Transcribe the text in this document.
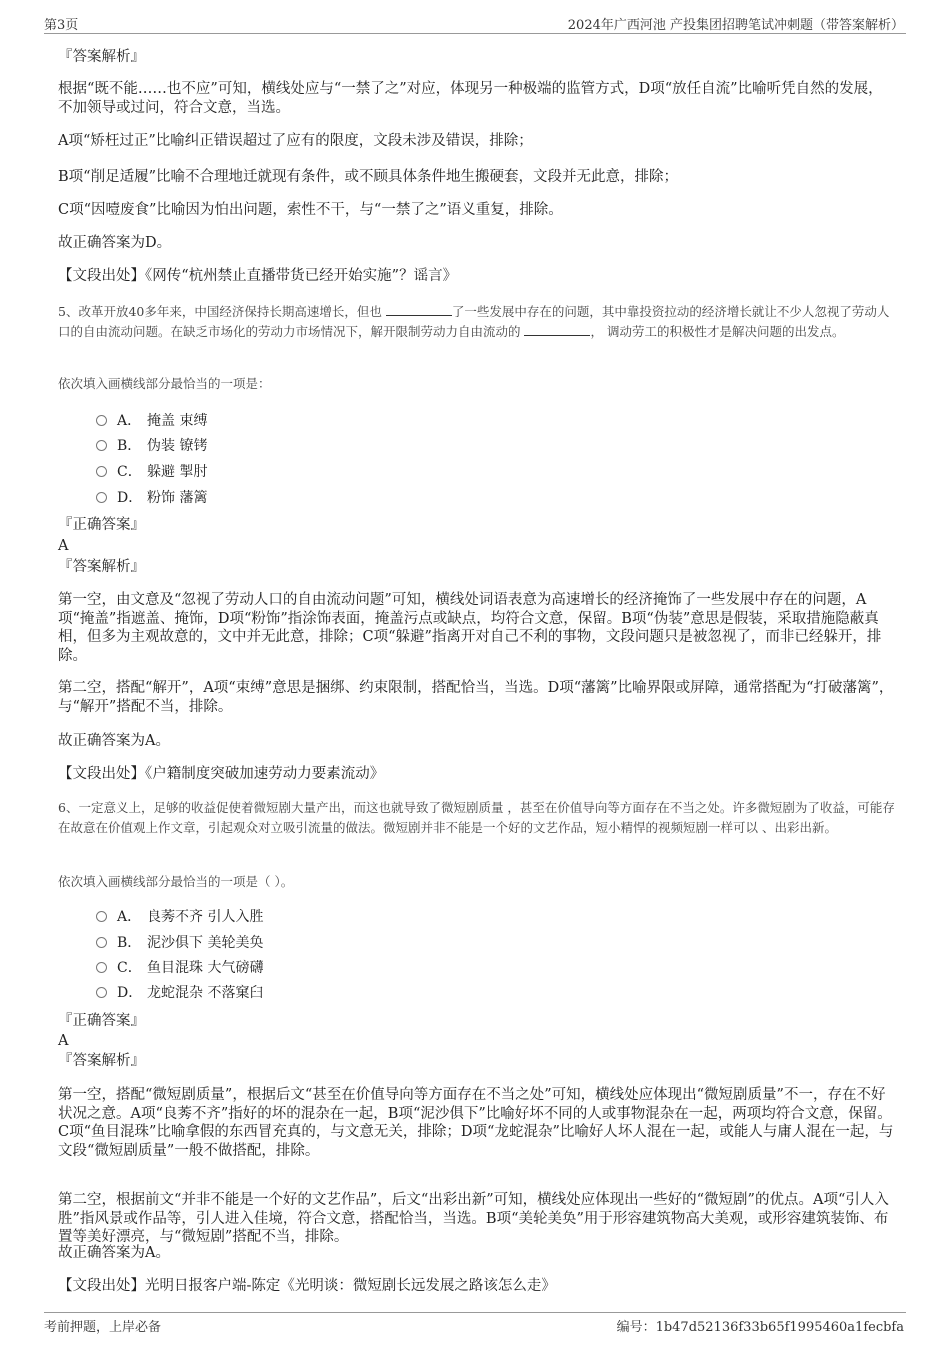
第3页	2024年广西河池 产投集团招聘笔试冲刺题（带答案解析）
『答案解析』
根据“既不能……也不应”可知，横线处应与“一禁了之”对应，体现另一种极端的监管方式，D项“放任自流”比喻听凭自然的发展，不加领导或过问，符合文意，当选。
A项“矫枉过正”比喻纠正错误超过了应有的限度，文段未涉及错误，排除；
B项“削足适履”比喻不合理地迁就现有条件，或不顾具体条件地生搬硬套，文段并无此意，排除；
C项“因噎废食”比喻因为怕出问题，索性不干，与“一禁了之”语义重复，排除。
故正确答案为D。
【文段出处】《网传“杭州禁止直播带货已经开始实施”？谣言》
5、改革开放40多年来，中国经济保持长期高速增长，但也	了一些发展中存在的问题，其中靠投资拉动的经济增长就让不少人忽视了劳动人口的自由流动问题。在缺乏市场化的劳动力市场情况下，解开限制劳动力自由流动的	， 调动劳工的积极性才是解决问题的出发点。
依次填入画横线部分最恰当的一项是：
A． 掩盖 束缚
B． 伪装 镣铐
C． 躲避 掣肘
D． 粉饰 藩篱
『正确答案』
A
『答案解析』
第一空，由文意及“忽视了劳动人口的自由流动问题”可知，横线处词语表意为高速增长的经济掩饰了一些发展中存在的问题，A项“掩盖”指遮盖、掩饰，D项“粉饰”指涂饰表面，掩盖污点或缺点，均符合文意，保留。B项“伪装”意思是假装，采取措施隐蔽真相，但多为主观故意的，文中并无此意，排除；C项“躲避”指离开对自己不利的事物，文段问题只是被忽视了，而非已经躲开，排除。
第二空，搭配“解开”，A项“束缚”意思是捆绑、约束限制，搭配恰当，当选。D项“藩篱”比喻界限或屏障，通常搭配为“打破藩篱”，与“解开”搭配不当，排除。
故正确答案为A。
【文段出处】《户籍制度突破加速劳动力要素流动》
6、一定意义上，足够的收益促使着微短剧大量产出，而这也就导致了微短剧质量 ，甚至在价值导向等方面存在不当之处。许多微短剧为了收益，可能存在故意在价值观上作文章，引起观众对立吸引流量的做法。微短剧并非不能是一个好的文艺作品，短小精悍的视频短剧一样可以 、出彩出新。
依次填入画横线部分最恰当的一项是（ ）。
A． 良莠不齐 引人入胜
B． 泥沙俱下 美轮美奂
C． 鱼目混珠 大气磅礴
D． 龙蛇混杂 不落窠臼
『正确答案』
A
『答案解析』
第一空，搭配“微短剧质量”，根据后文“甚至在价值导向等方面存在不当之处”可知，横线处应体现出“微短剧质量”不一，存在不好状况之意。A项“良莠不齐”指好的坏的混杂在一起，B项“泥沙俱下”比喻好坏不同的人或事物混杂在一起，两项均符合文意，保留。C项“鱼目混珠”比喻拿假的东西冒充真的，与文意无关，排除；D项“龙蛇混杂”比喻好人坏人混在一起，或能人与庸人混在一起，与文段“微短剧质量”一般不做搭配，排除。
第二空，根据前文“并非不能是一个好的文艺作品”，后文“出彩出新”可知，横线处应体现出一些好的“微短剧”的优点。A项“引人入胜”指风景或作品等，引人进入佳境，符合文意，搭配恰当，当选。B项“美轮美奂”用于形容建筑物高大美观，或形容建筑装饰、布置等美好漂亮，与“微短剧”搭配不当，排除。
故正确答案为A。
【文段出处】光明日报客户端-陈定《光明谈：微短剧长远发展之路该怎么走》
考前押题，上岸必备	编号：1b47d52136f33b65f1995460a1fecbfa
